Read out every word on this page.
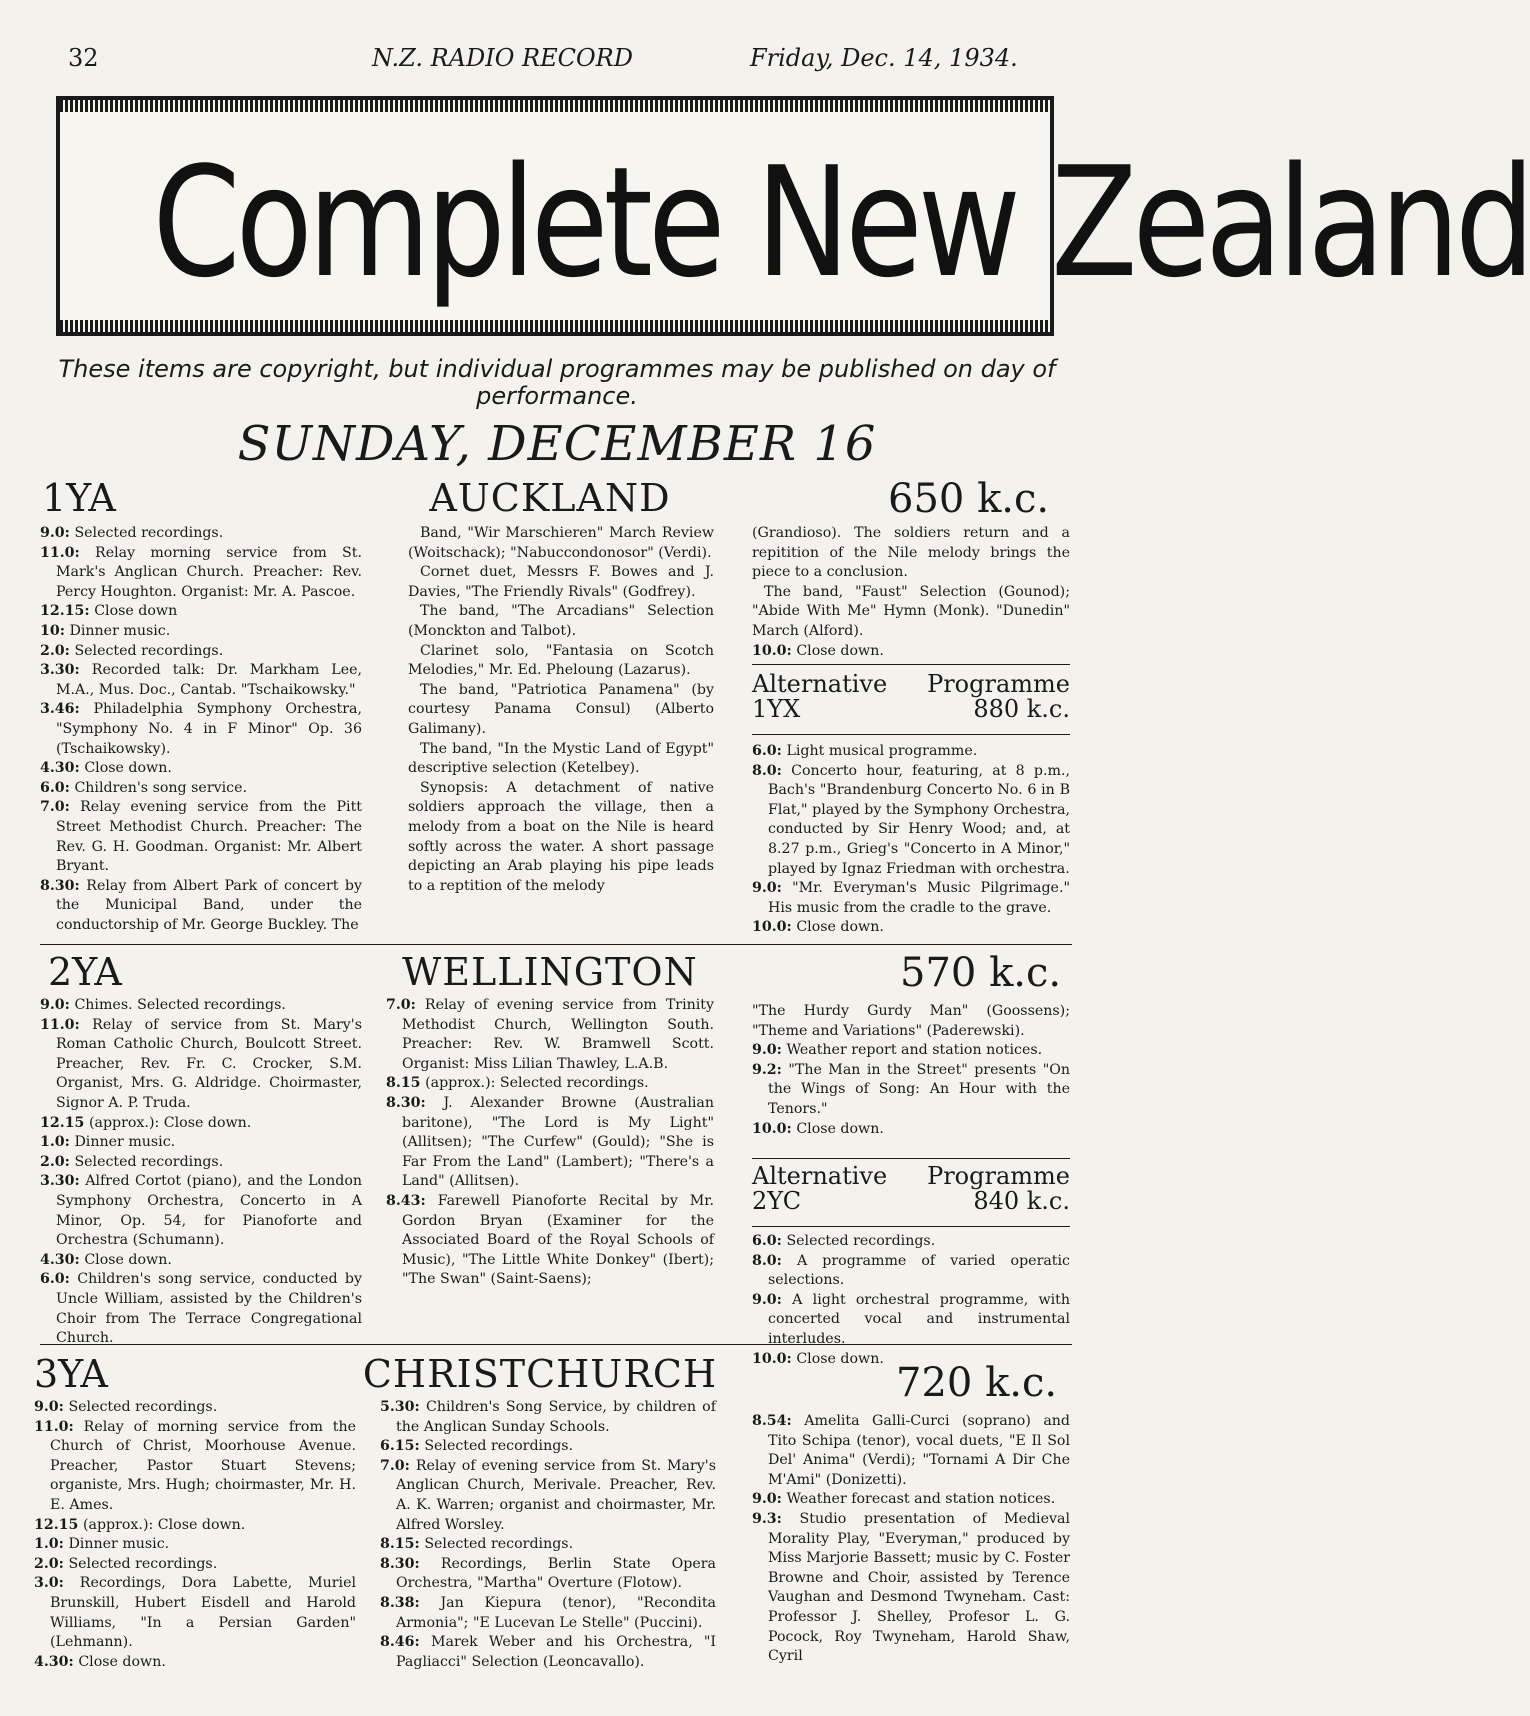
32	N.Z. RADIO RECORD	Friday, Dec. 14, 1934.
Complete New Zealand
These items are copyright, but individual programmes may be published on day of performance.
SUNDAY, DECEMBER 16
1YA	AUCKLAND	650 k.c.

9.0: Selected recordings.

11.0: Relay morning service from St. Mark's Anglican Church. Preacher: Rev. Percy Houghton. Organist: Mr. A. Pascoe.

12.15: Close down

10: Dinner music.

2.0: Selected recordings.

3.30: Recorded talk: Dr. Markham Lee, M.A., Mus. Doc., Cantab. "Tschaikowsky."

3.46: Philadelphia Symphony Orchestra, "Symphony No. 4 in F Minor" Op. 36 (Tschaikowsky).

4.30: Close down.

6.0: Children's song service.

7.0: Relay evening service from the Pitt Street Methodist Church. Preacher: The Rev. G. H. Goodman. Organist: Mr. Albert Bryant.

8.30: Relay from Albert Park of concert by the Municipal Band, under the conductorship of Mr. George Buckley. The

Band, "Wir Marschieren" March Review (Woitschack); "Nabuccondonosor" (Verdi).

Cornet duet, Messrs F. Bowes and J. Davies, "The Friendly Rivals" (Godfrey).

The band, "The Arcadians" Selection (Monckton and Talbot).

Clarinet solo, "Fantasia on Scotch Melodies," Mr. Ed. Pheloung (Lazarus).

The band, "Patriotica Panamena" (by courtesy Panama Consul) (Alberto Galimany).

The band, "In the Mystic Land of Egypt" descriptive selection (Ketelbey).

Synopsis: A detachment of native soldiers approach the village, then a melody from a boat on the Nile is heard softly across the water. A short passage depicting an Arab playing his pipe leads to a reptition of the melody

(Grandioso). The soldiers return and a repitition of the Nile melody brings the piece to a conclusion.

The band, "Faust" Selection (Gounod); "Abide With Me" Hymn (Monk). "Dunedin" March (Alford).

10.0: Close down.

Alternative Programme
1YX	880 k.c.

6.0: Light musical programme.

8.0: Concerto hour, featuring, at 8 p.m., Bach's "Brandenburg Concerto No. 6 in B Flat," played by the Symphony Orchestra, conducted by Sir Henry Wood; and, at 8.27 p.m., Grieg's "Concerto in A Minor," played by Ignaz Friedman with orchestra.

9.0: "Mr. Everyman's Music Pilgrimage." His music from the cradle to the grave.

10.0: Close down.

2YA	WELLINGTON	570 k.c.

9.0: Chimes. Selected recordings.

11.0: Relay of service from St. Mary's Roman Catholic Church, Boulcott Street. Preacher, Rev. Fr. C. Crocker, S.M. Organist, Mrs. G. Aldridge. Choirmaster, Signor A. P. Truda.

12.15 (approx.): Close down.

1.0: Dinner music.

2.0: Selected recordings.

3.30: Alfred Cortot (piano), and the London Symphony Orchestra, Concerto in A Minor, Op. 54, for Pianoforte and Orchestra (Schumann).

4.30: Close down.

6.0: Children's song service, conducted by Uncle William, assisted by the Children's Choir from The Terrace Congregational Church.

7.0: Relay of evening service from Trinity Methodist Church, Wellington South. Preacher: Rev. W. Bramwell Scott. Organist: Miss Lilian Thawley, L.A.B.

8.15 (approx.): Selected recordings.

8.30: J. Alexander Browne (Australian baritone), "The Lord is My Light" (Allitsen); "The Curfew" (Gould); "She is Far From the Land" (Lambert); "There's a Land" (Allitsen).

8.43: Farewell Pianoforte Recital by Mr. Gordon Bryan (Examiner for the Associated Board of the Royal Schools of Music), "The Little White Donkey" (Ibert); "The Swan" (Saint-Saens);

"The Hurdy Gurdy Man" (Goossens); "Theme and Variations" (Paderewski).

9.0: Weather report and station notices.

9.2: "The Man in the Street" presents "On the Wings of Song: An Hour with the Tenors."

10.0: Close down.

Alternative Programme
2YC	840 k.c.

6.0: Selected recordings.

8.0: A programme of varied operatic selections.

9.0: A light orchestral programme, with concerted vocal and instrumental interludes.

10.0: Close down.

3YA	CHRISTCHURCH	720 k.c.

9.0: Selected recordings.

11.0: Relay of morning service from the Church of Christ, Moorhouse Avenue. Preacher, Pastor Stuart Stevens; organiste, Mrs. Hugh; choirmaster, Mr. H. E. Ames.

12.15 (approx.): Close down.

1.0: Dinner music.

2.0: Selected recordings.

3.0: Recordings, Dora Labette, Muriel Brunskill, Hubert Eisdell and Harold Williams, "In a Persian Garden" (Lehmann).

4.30: Close down.

5.30: Children's Song Service, by children of the Anglican Sunday Schools.

6.15: Selected recordings.

7.0: Relay of evening service from St. Mary's Anglican Church, Merivale. Preacher, Rev. A. K. Warren; organist and choirmaster, Mr. Alfred Worsley.

8.15: Selected recordings.

8.30: Recordings, Berlin State Opera Orchestra, "Martha" Overture (Flotow).

8.38: Jan Kiepura (tenor), "Recondita Armonia"; "E Lucevan Le Stelle" (Puccini).

8.46: Marek Weber and his Orchestra, "I Pagliacci" Selection (Leoncavallo).

8.54: Amelita Galli-Curci (soprano) and Tito Schipa (tenor), vocal duets, "E Il Sol Del' Anima" (Verdi); "Tornami A Dir Che M'Ami" (Donizetti).

9.0: Weather forecast and station notices.

9.3: Studio presentation of Medieval Morality Play, "Everyman," produced by Miss Marjorie Bassett; music by C. Foster Browne and Choir, assisted by Terence Vaughan and Desmond Twyneham. Cast: Professor J. Shelley, Profesor L. G. Pocock, Roy Twyneham, Harold Shaw, Cyril
